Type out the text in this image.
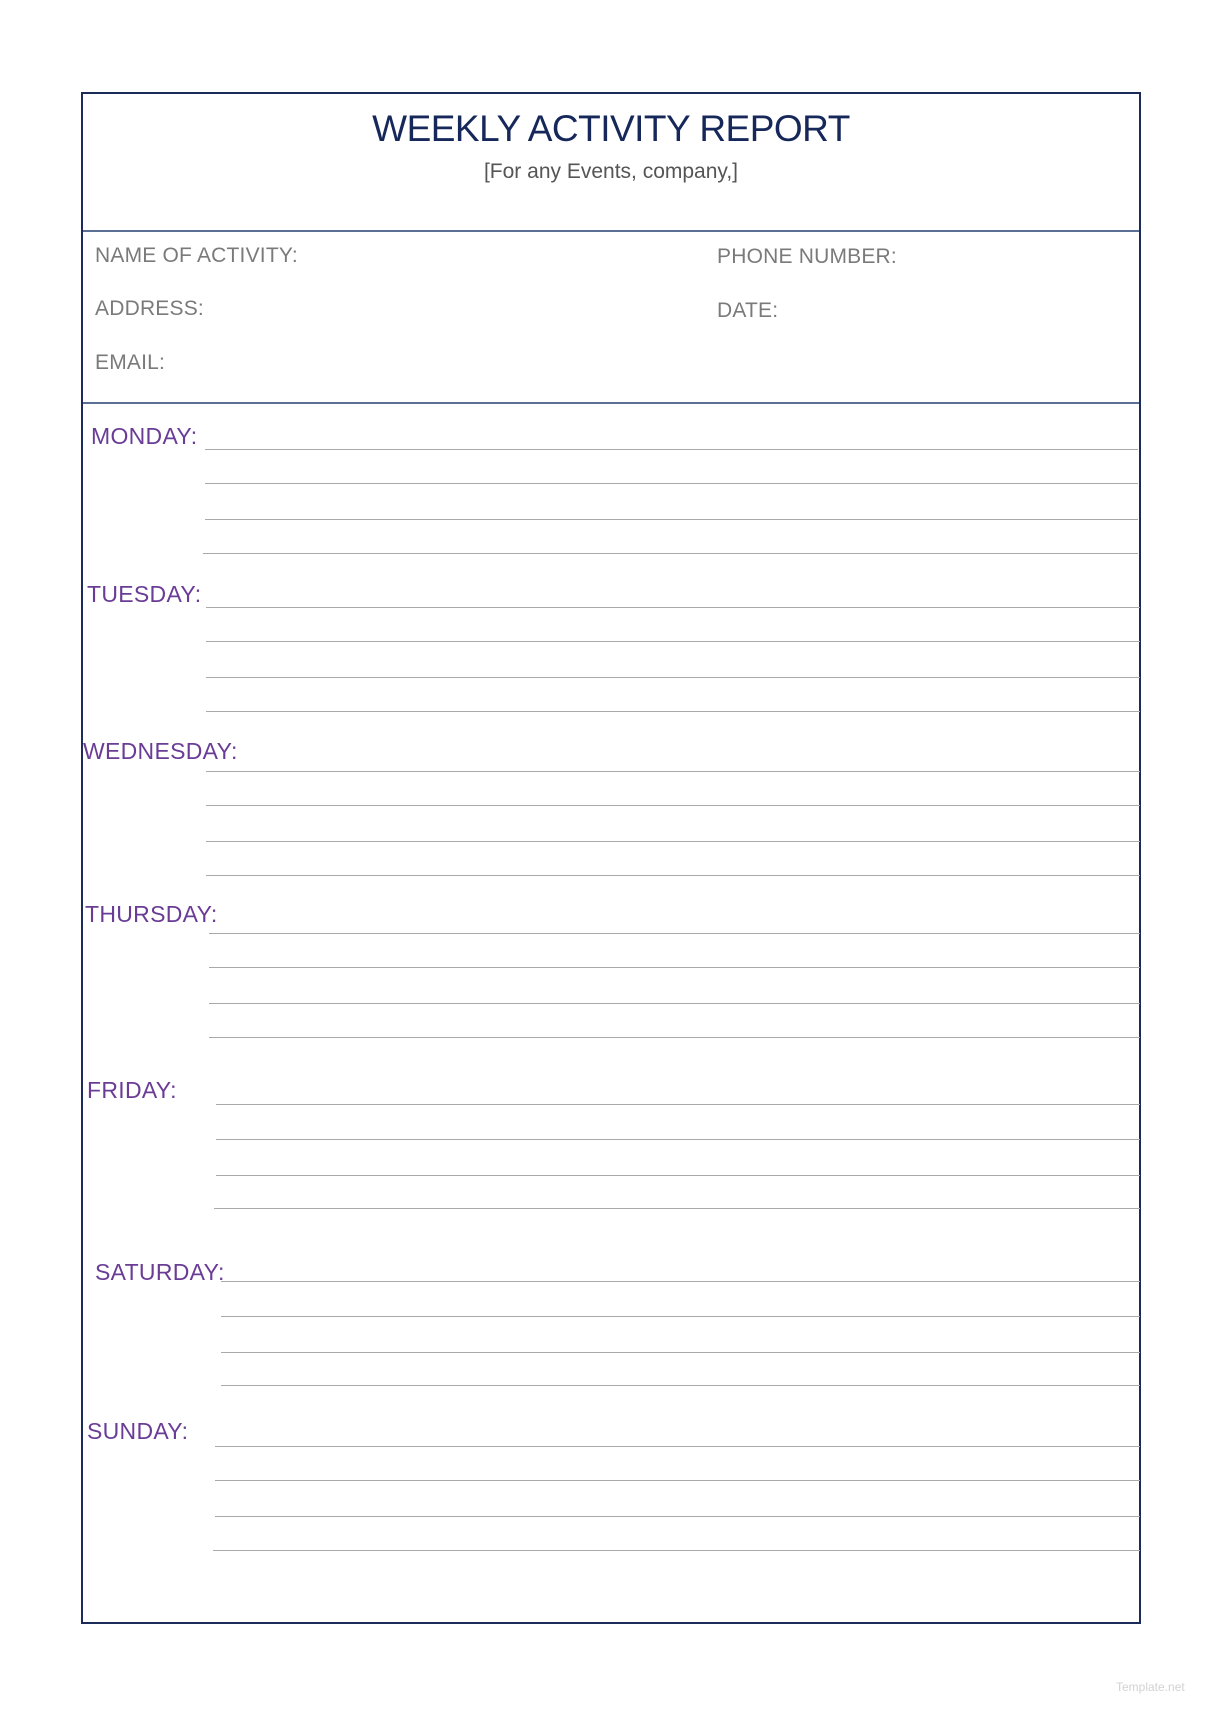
WEEKLY ACTIVITY REPORT
[For any Events, company,]
NAME OF ACTIVITY:
ADDRESS:
EMAIL:
PHONE NUMBER:
DATE:
MONDAY:
TUESDAY:
WEDNESDAY:
THURSDAY:
FRIDAY:
SATURDAY:
SUNDAY:
Template.net
